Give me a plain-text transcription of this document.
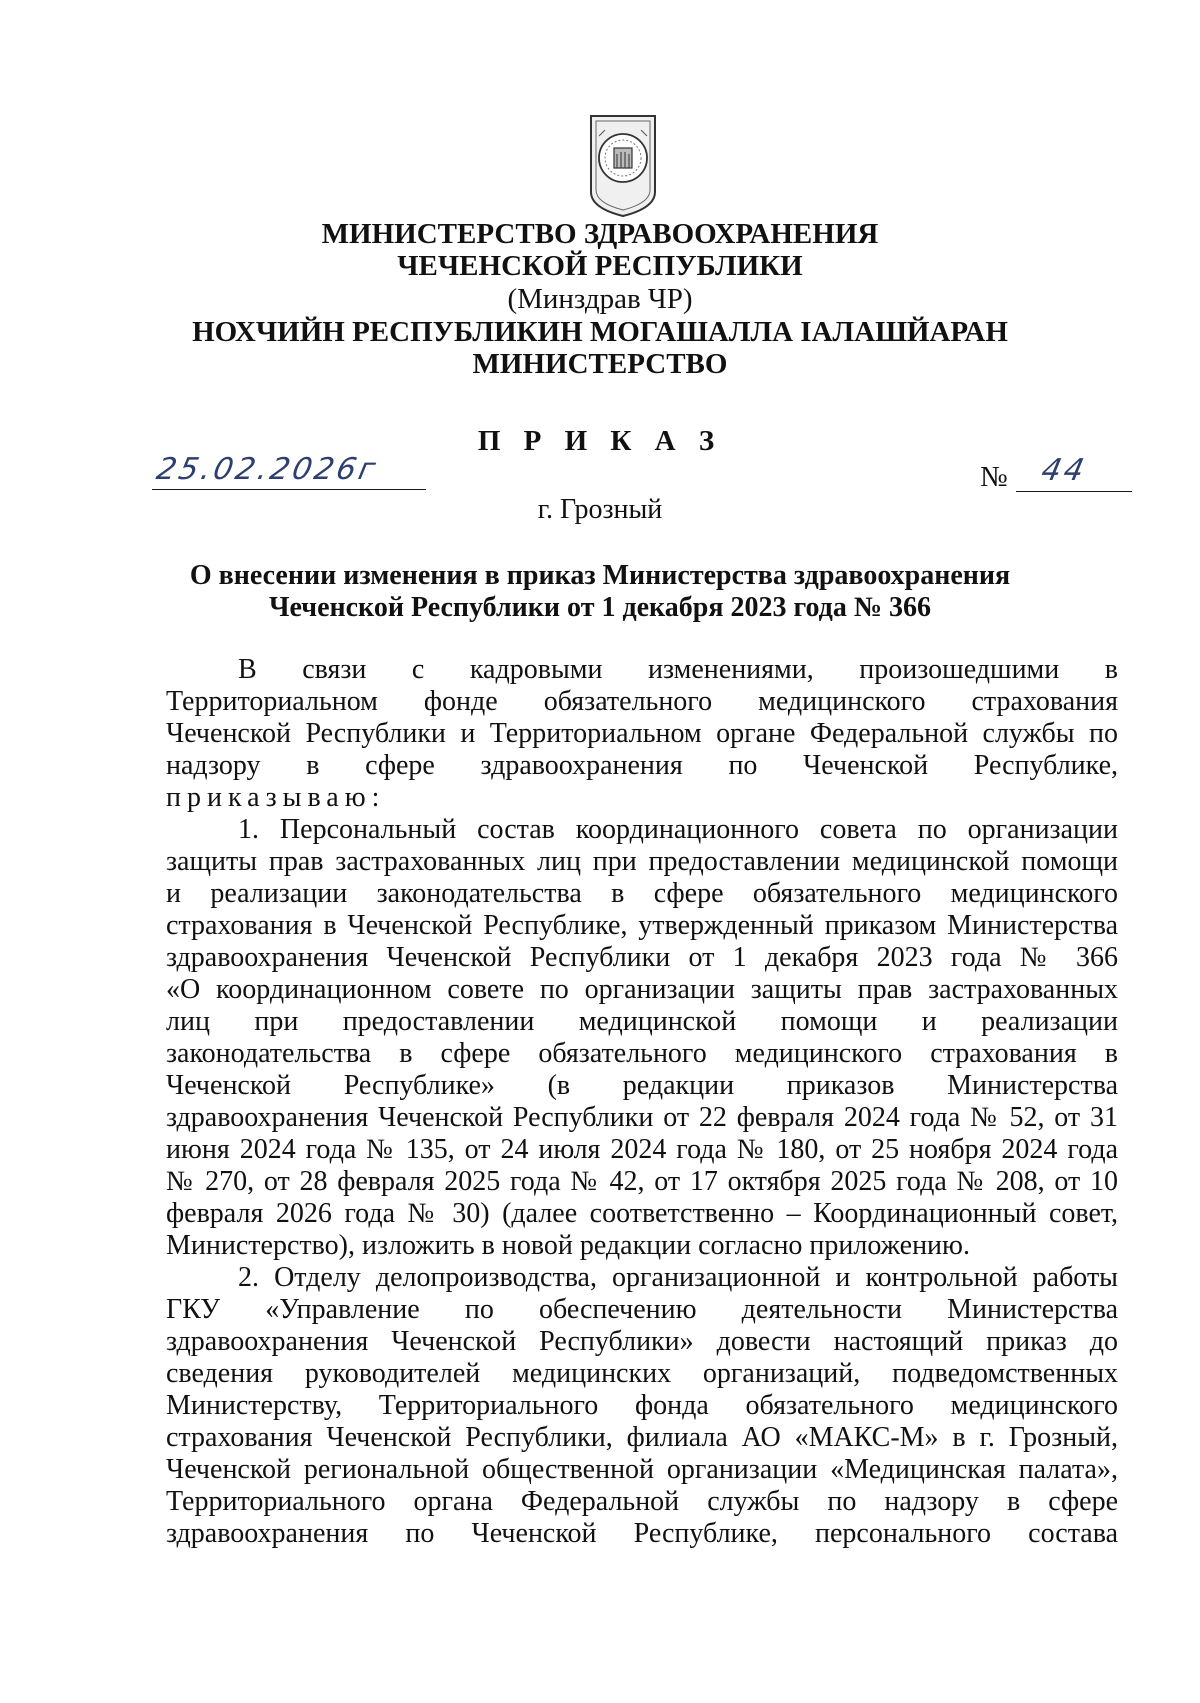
МИНИСТЕРСТВО ЗДРАВООХРАНЕНИЯ
ЧЕЧЕНСКОЙ РЕСПУБЛИКИ
(Минздрав ЧР)
НОХЧИЙН РЕСПУБЛИКИН МОГАШАЛЛА ІАЛАШЙАРАН
МИНИСТЕРСТВО
П Р И К А З
25.02.2026г	№ 44
г. Грозный
О внесении изменения в приказ Министерства здравоохранения
Чеченской Республики от 1 декабря 2023 года № 366
В связи с кадровыми изменениями, произошедшими в
Территориальном фонде обязательного медицинского страхования
Чеченской Республики и Территориальном органе Федеральной службы по
надзору в сфере здравоохранения по Чеченской Республике,
приказываю:
1. Персональный состав координационного совета по организации
защиты прав застрахованных лиц при предоставлении медицинской помощи
и реализации законодательства в сфере обязательного медицинского
страхования в Чеченской Республике, утвержденный приказом Министерства
здравоохранения Чеченской Республики от 1 декабря 2023 года № 366
«О координационном совете по организации защиты прав застрахованных
лиц при предоставлении медицинской помощи и реализации
законодательства в сфере обязательного медицинского страхования в
Чеченской Республике» (в редакции приказов Министерства
здравоохранения Чеченской Республики от 22 февраля 2024 года № 52, от 31
июня 2024 года № 135, от 24 июля 2024 года № 180, от 25 ноября 2024 года
№ 270, от 28 февраля 2025 года № 42, от 17 октября 2025 года № 208, от 10
февраля 2026 года № 30) (далее соответственно – Координационный совет,
Министерство), изложить в новой редакции согласно приложению.
2. Отделу делопроизводства, организационной и контрольной работы
ГКУ «Управление по обеспечению деятельности Министерства
здравоохранения Чеченской Республики» довести настоящий приказ до
сведения руководителей медицинских организаций, подведомственных
Министерству, Территориального фонда обязательного медицинского
страхования Чеченской Республики, филиала АО «МАКС-М» в г. Грозный,
Чеченской региональной общественной организации «Медицинская палата»,
Территориального органа Федеральной службы по надзору в сфере
здравоохранения по Чеченской Республике, персонального состава
